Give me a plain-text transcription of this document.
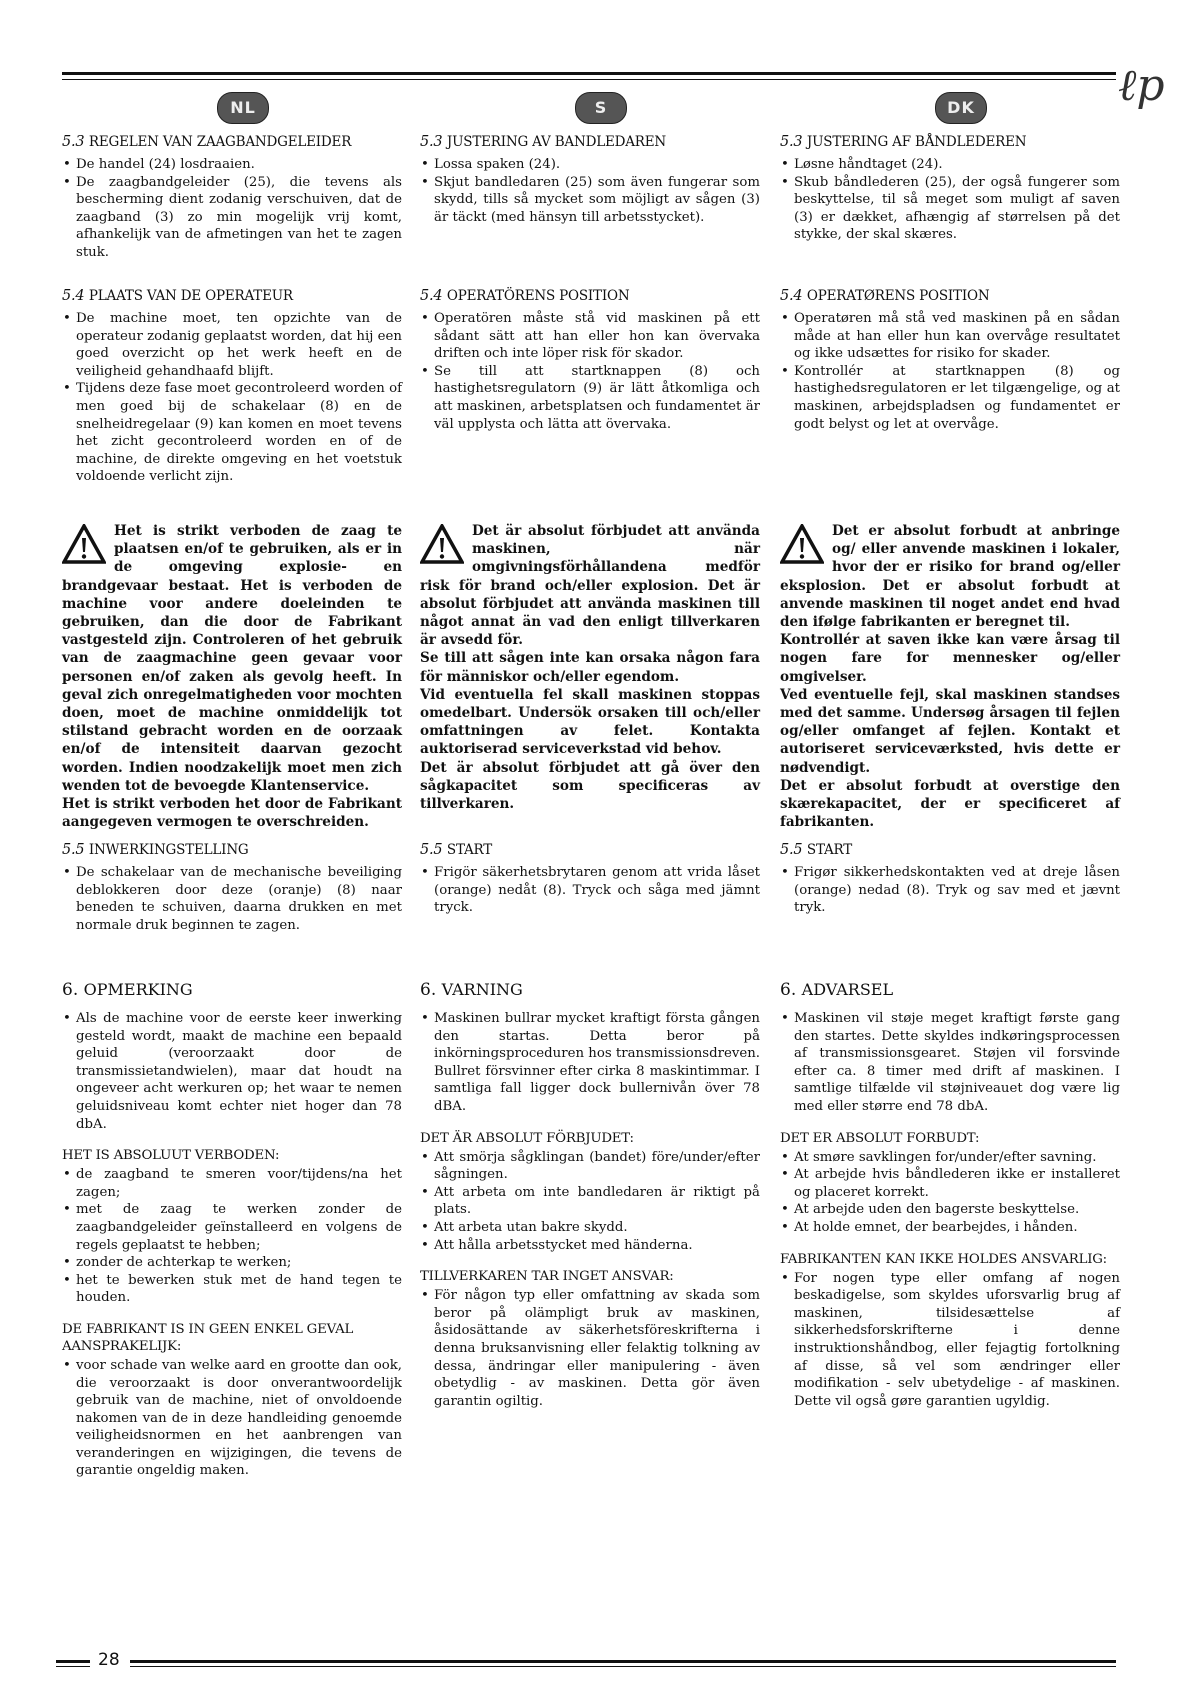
ℓp
NL
5.3 REGELEN VAN ZAAGBANDGELEIDER
• De handel (24) losdraaien.
• De zaagbandgeleider (25), die tevens als bescherming dient zodanig verschuiven, dat de zaagband (3) zo min mogelijk vrij komt, afhankelijk van de afmetingen van het te zagen stuk.
5.4 PLAATS VAN DE OPERATEUR
• De machine moet, ten opzichte van de operateur zodanig geplaatst worden, dat hij een goed overzicht op het werk heeft en de veiligheid gehandhaafd blijft.
• Tijdens deze fase moet gecontroleerd worden of men goed bij de schakelaar (8) en de snelheidregelaar (9) kan komen en moet tevens het zicht gecontroleerd worden en of de machine, de direkte omgeving en het voetstuk voldoende verlicht zijn.

Het is strikt verboden de zaag te plaatsen en/of te gebruiken, als er in de omgeving explosie- en brandgevaar bestaat. Het is verboden de machine voor andere doeleinden te gebruiken, dan die door de Fabrikant vastgesteld zijn. Controleren of het gebruik van de zaagmachine geen gevaar voor personen en/of zaken als gevolg heeft. In geval zich onregelmatigheden voor mochten doen, moet de machine onmiddelijk tot stilstand gebracht worden en de oorzaak en/of de intensiteit daarvan gezocht worden. Indien noodzakelijk moet men zich wenden tot de bevoegde Klantenservice.

Het is strikt verboden het door de Fabrikant aangegeven vermogen te overschreiden.

5.5 INWERKINGSTELLING
• De schakelaar van de mechanische beveiliging deblokkeren door deze (oranje) (8) naar beneden te schuiven, daarna drukken en met normale druk beginnen te zagen.
6. OPMERKING
• Als de machine voor de eerste keer inwerking gesteld wordt, maakt de machine een bepaald geluid (veroorzaakt door de transmissietandwielen), maar dat houdt na ongeveer acht werkuren op; het waar te nemen geluidsniveau komt echter niet hoger dan 78 dbA.
HET IS ABSOLUUT VERBODEN:
• de zaagband te smeren voor/tijdens/na het zagen;
• met de zaag te werken zonder de zaagbandgeleider geïnstalleerd en volgens de regels geplaatst te hebben;
• zonder de achterkap te werken;
• het te bewerken stuk met de hand tegen te houden.
DE FABRIKANT IS IN GEEN ENKEL GEVAL AANSPRAKELIJK:
• voor schade van welke aard en grootte dan ook, die veroorzaakt is door onverantwoordelijk gebruik van de machine, niet of onvoldoende nakomen van de in deze handleiding genoemde veiligheidsnormen en het aanbrengen van veranderingen en wijzigingen, die tevens de garantie ongeldig maken.
S
5.3 JUSTERING AV BANDLEDAREN
• Lossa spaken (24).
• Skjut bandledaren (25) som även fungerar som skydd, tills så mycket som möjligt av sågen (3) är täckt (med hänsyn till arbetsstycket).
5.4 OPERATÖRENS POSITION
• Operatören måste stå vid maskinen på ett sådant sätt att han eller hon kan övervaka driften och inte löper risk för skador.
• Se till att startknappen (8) och hastighetsregulatorn (9) är lätt åtkomliga och att maskinen, arbetsplatsen och fundamentet är väl upplysta och lätta att övervaka.

Det är absolut förbjudet att använda maskinen, när omgivningsförhållandena medför risk för brand och/eller explosion. Det är absolut förbjudet att använda maskinen till något annat än vad den enligt tillverkaren är avsedd för.

Se till att sågen inte kan orsaka någon fara för människor och/eller egendom.

Vid eventuella fel skall maskinen stoppas omedelbart. Undersök orsaken till och/eller omfattningen av felet. Kontakta auktoriserad serviceverkstad vid behov.

Det är absolut förbjudet att gå över den sågkapacitet som specificeras av tillverkaren.

5.5 START
• Frigör säkerhetsbrytaren genom att vrida låset (orange) nedåt (8). Tryck och såga med jämnt tryck.
6. VARNING
• Maskinen bullrar mycket kraftigt första gången den startas. Detta beror på inkörningsproceduren hos transmissionsdreven. Bullret försvinner efter cirka 8 maskintimmar. I samtliga fall ligger dock bullernivån över 78 dBA.
DET ÄR ABSOLUT FÖRBJUDET:
• Att smörja sågklingan (bandet) före/under/efter sågningen.
• Att arbeta om inte bandledaren är riktigt på plats.
• Att arbeta utan bakre skydd.
• Att hålla arbetsstycket med händerna.
TILLVERKAREN TAR INGET ANSVAR:
• För någon typ eller omfattning av skada som beror på olämpligt bruk av maskinen, åsidosättande av säkerhetsföreskrifterna i denna bruksanvisning eller felaktig tolkning av dessa, ändringar eller manipulering - även obetydlig - av maskinen. Detta gör även garantin ogiltig.
DK
5.3 JUSTERING AF BÅNDLEDEREN
• Løsne håndtaget (24).
• Skub båndlederen (25), der også fungerer som beskyttelse, til så meget som muligt af saven (3) er dækket, afhængig af størrelsen på det stykke, der skal skæres.
5.4 OPERATØRENS POSITION
• Operatøren må stå ved maskinen på en sådan måde at han eller hun kan overvåge resultatet og ikke udsættes for risiko for skader.
• Kontrollér at startknappen (8) og hastighedsregulatoren er let tilgængelige, og at maskinen, arbejdspladsen og fundamentet er godt belyst og let at overvåge.

Det er absolut forbudt at anbringe og/ eller anvende maskinen i lokaler, hvor der er risiko for brand og/eller eksplosion. Det er absolut forbudt at anvende maskinen til noget andet end hvad den ifølge fabrikanten er beregnet til.

Kontrollér at saven ikke kan være årsag til nogen fare for mennesker og/eller omgivelser.

Ved eventuelle fejl, skal maskinen standses med det samme. Undersøg årsagen til fejlen og/eller omfanget af fejlen. Kontakt et autoriseret serviceværksted, hvis dette er nødvendigt.

Det er absolut forbudt at overstige den skærekapacitet, der er specificeret af fabrikanten.

5.5 START
• Frigør sikkerhedskontakten ved at dreje låsen (orange) nedad (8). Tryk og sav med et jævnt tryk.
6. ADVARSEL
• Maskinen vil støje meget kraftigt første gang den startes. Dette skyldes indkøringsprocessen af transmissionsgearet. Støjen vil forsvinde efter ca. 8 timer med drift af maskinen. I samtlige tilfælde vil støjniveauet dog være lig med eller større end 78 dbA.
DET ER ABSOLUT FORBUDT:
• At smøre savklingen for/under/efter savning.
• At arbejde hvis båndlederen ikke er installeret og placeret korrekt.
• At arbejde uden den bagerste beskyttelse.
• At holde emnet, der bearbejdes, i hånden.
FABRIKANTEN KAN IKKE HOLDES ANSVARLIG:
• For nogen type eller omfang af nogen beskadigelse, som skyldes uforsvarlig brug af maskinen, tilsidesættelse af sikkerhedsforskrifterne i denne instruktionshåndbog, eller fejagtig fortolkning af disse, så vel som ændringer eller modifikation - selv ubetydelige - af maskinen. Dette vil også gøre garantien ugyldig.
28
